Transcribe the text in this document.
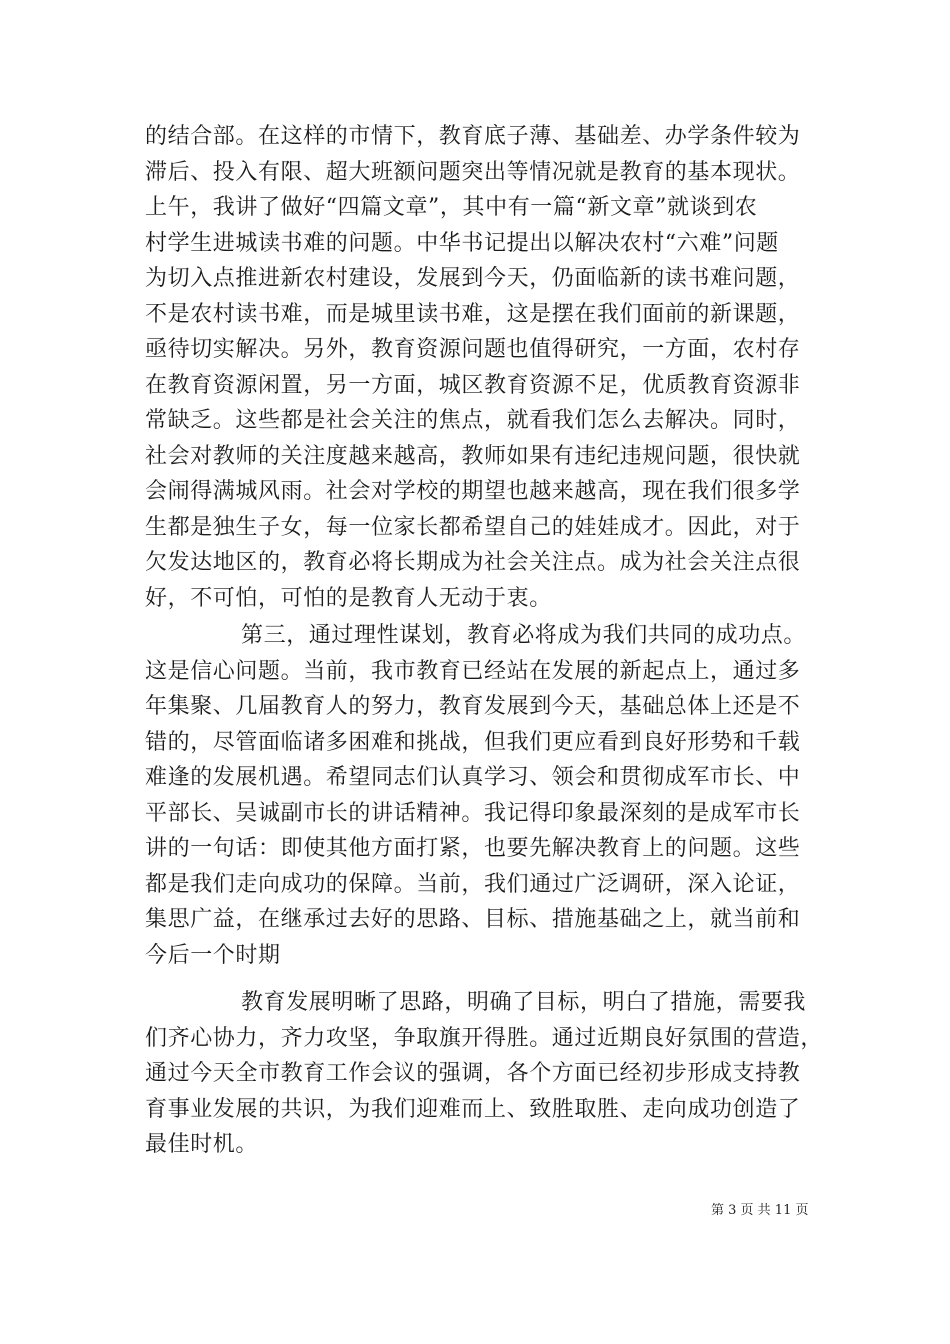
的结合部。在这样的市情下，教育底子薄、基础差、办学条件较为
滞后、投入有限、超大班额问题突出等情况就是教育的基本现状。
上午，我讲了做好“四篇文章”，其中有一篇“新文章”就谈到农
村学生进城读书难的问题。中华书记提出以解决农村“六难”问题
为切入点推进新农村建设，发展到今天，仍面临新的读书难问题，
不是农村读书难，而是城里读书难，这是摆在我们面前的新课题，
亟待切实解决。另外，教育资源问题也值得研究，一方面，农村存
在教育资源闲置，另一方面，城区教育资源不足，优质教育资源非
常缺乏。这些都是社会关注的焦点，就看我们怎么去解决。同时，
社会对教师的关注度越来越高，教师如果有违纪违规问题，很快就
会闹得满城风雨。社会对学校的期望也越来越高，现在我们很多学
生都是独生子女，每一位家长都希望自己的娃娃成才。因此，对于
欠发达地区的，教育必将长期成为社会关注点。成为社会关注点很
好，不可怕，可怕的是教育人无动于衷。
第三，通过理性谋划，教育必将成为我们共同的成功点。
这是信心问题。当前，我市教育已经站在发展的新起点上，通过多
年集聚、几届教育人的努力，教育发展到今天，基础总体上还是不
错的，尽管面临诸多困难和挑战，但我们更应看到良好形势和千载
难逢的发展机遇。希望同志们认真学习、领会和贯彻成军市长、中
平部长、吴诚副市长的讲话精神。我记得印象最深刻的是成军市长
讲的一句话：即使其他方面打紧，也要先解决教育上的问题。这些
都是我们走向成功的保障。当前，我们通过广泛调研，深入论证，
集思广益，在继承过去好的思路、目标、措施基础之上，就当前和
今后一个时期
教育发展明晰了思路，明确了目标，明白了措施，需要我
们齐心协力，齐力攻坚，争取旗开得胜。通过近期良好氛围的营造，
通过今天全市教育工作会议的强调，各个方面已经初步形成支持教
育事业发展的共识，为我们迎难而上、致胜取胜、走向成功创造了
最佳时机。
第 3 页 共 11 页
